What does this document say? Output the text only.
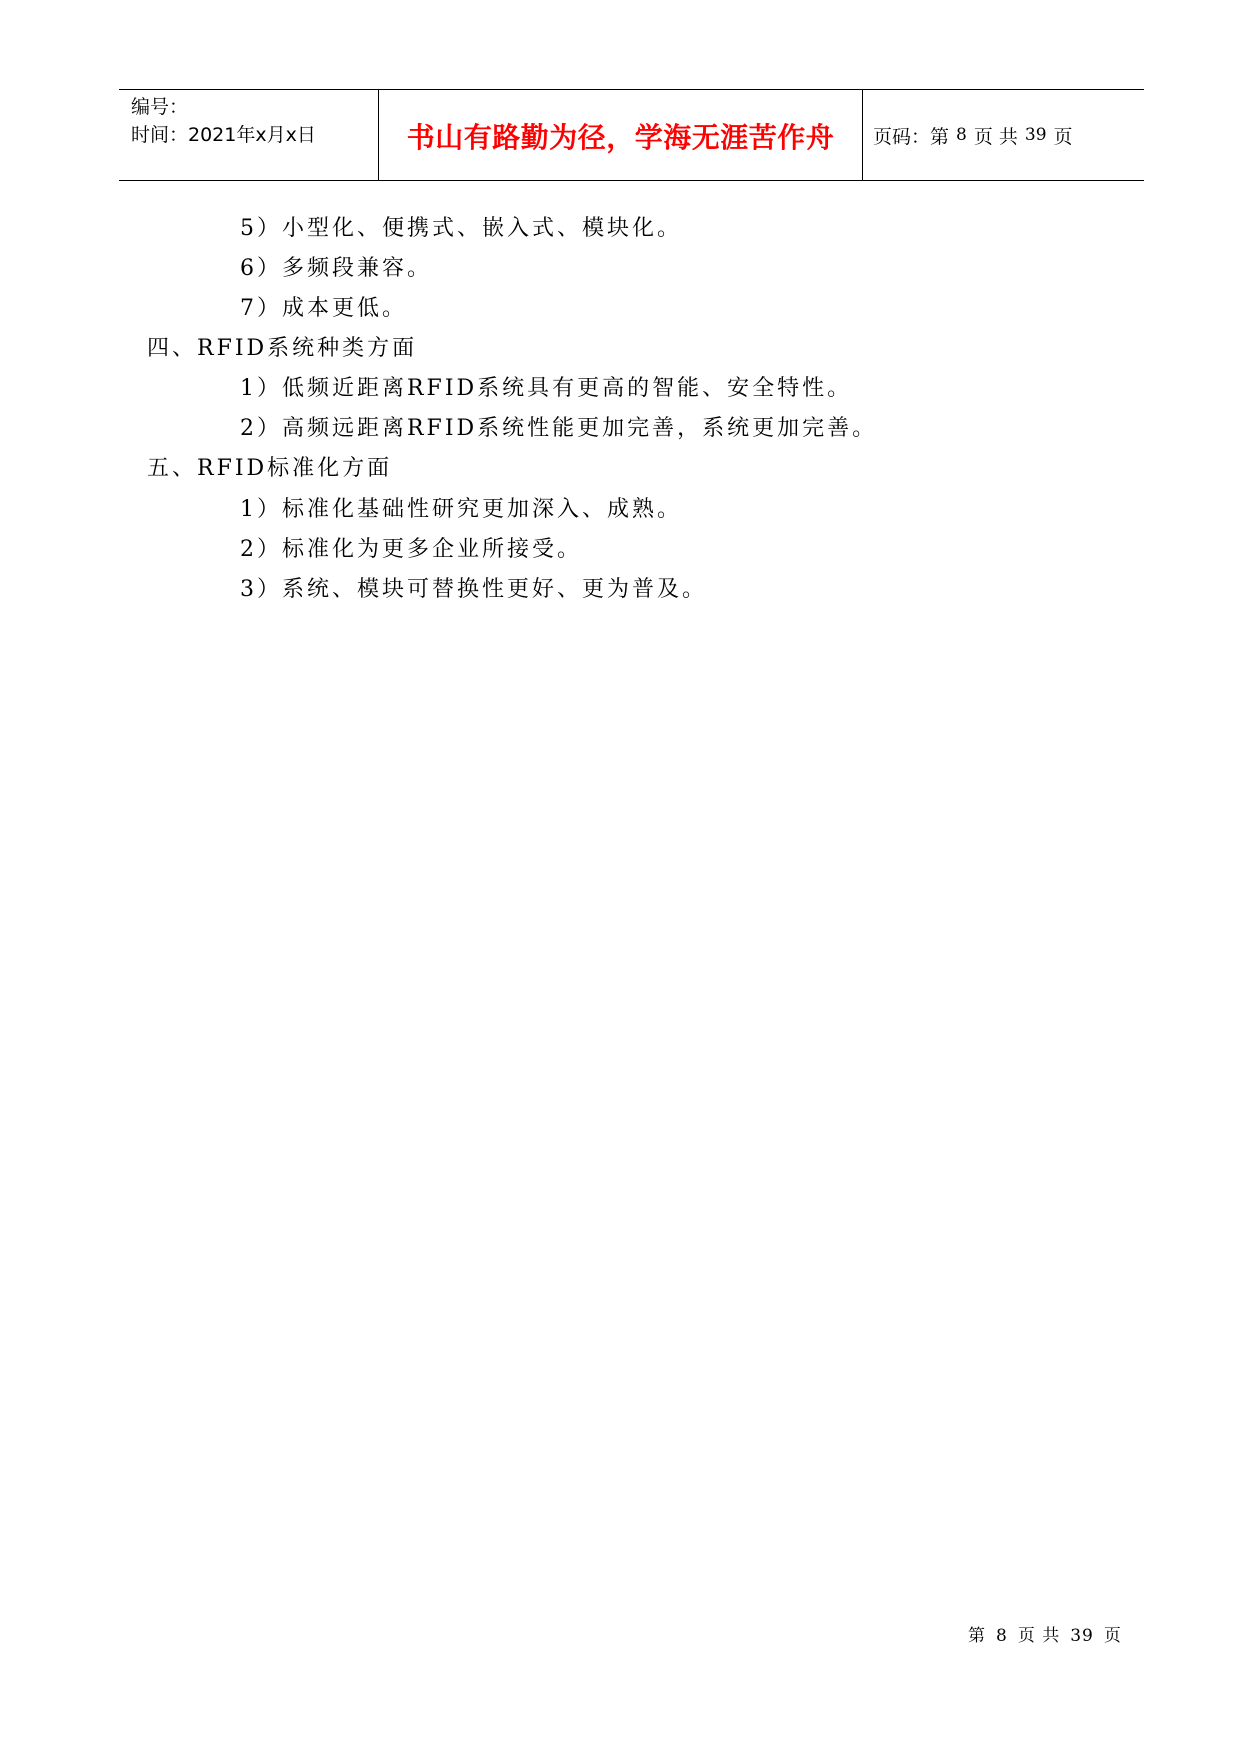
编号：
时间：2021年x月x日	书山有路勤为径，学海无涯苦作舟 页码：第 8 页 共 39 页
5）小型化、便携式、嵌入式、模块化。
6）多频段兼容。
7）成本更低。
四、RFID系统种类方面
1）低频近距离RFID系统具有更高的智能、安全特性。
2）高频远距离RFID系统性能更加完善，系统更加完善。
五、RFID标准化方面
1）标准化基础性研究更加深入、成熟。
2）标准化为更多企业所接受。
3）系统、模块可替换性更好、更为普及。
第 8 页 共 39 页
